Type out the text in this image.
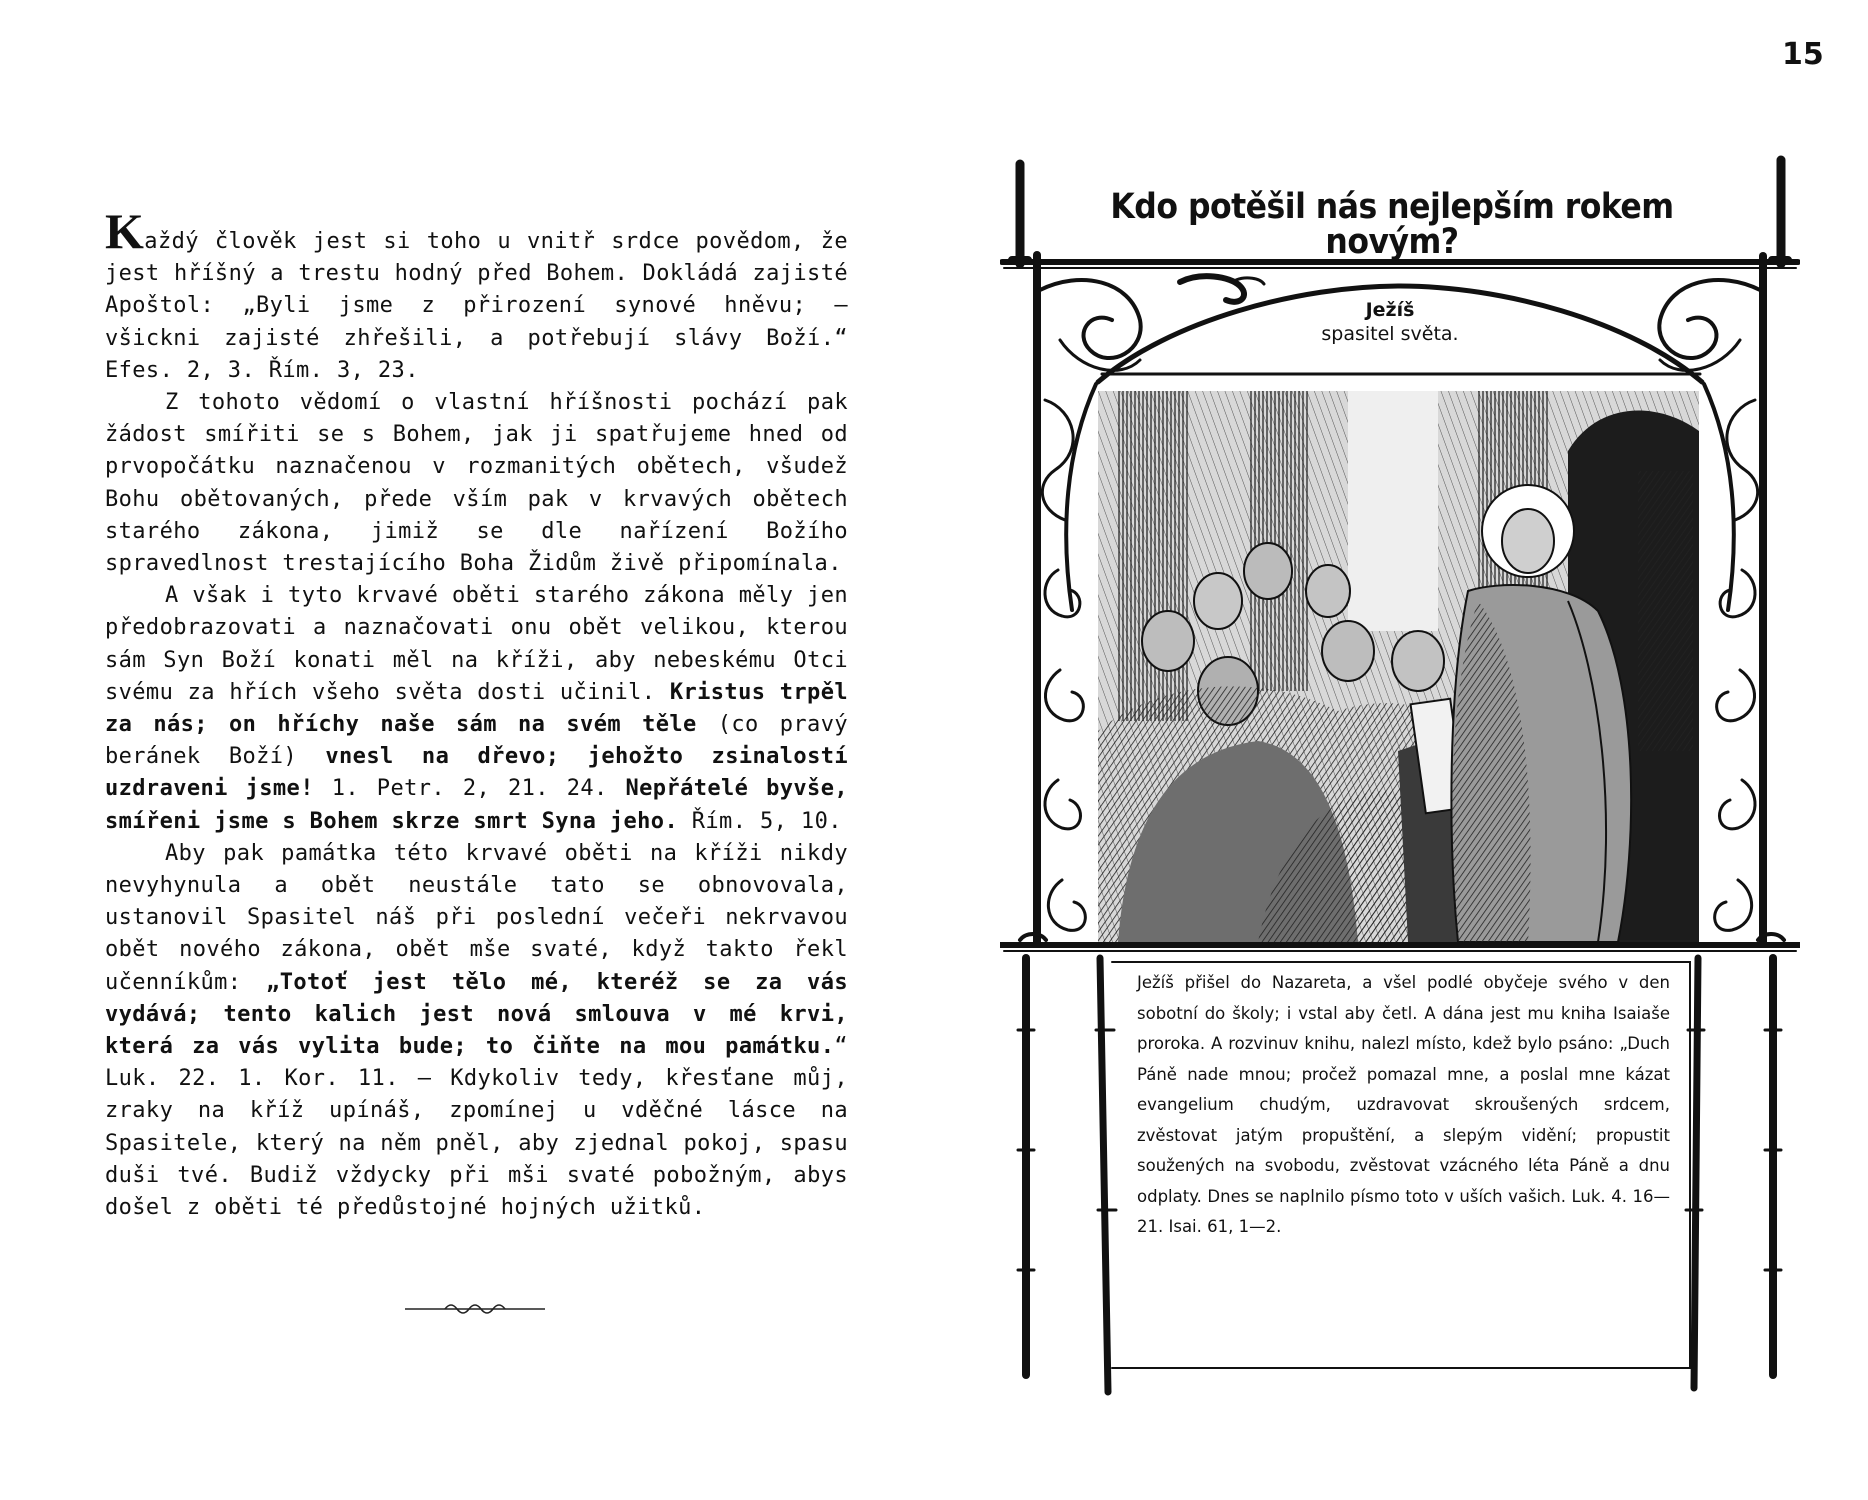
15

Každý člověk jest si toho u vnitř srdce povědom, že jest hříšný a trestu hodný před Bohem. Dokládá zajisté Apoštol: „Byli jsme z přirození synové hněvu; — všickni zajisté zhřešili, a potřebují slávy Boží.“ Efes. 2, 3. Řím. 3, 23.

Z tohoto vědomí o vlastní hříšnosti pochází pak žádost smířiti se s Bohem, jak ji spatřujeme hned od prvopočátku naznačenou v rozmanitých obětech, všudež Bohu obětovaných, přede vším pak v krvavých obětech starého zákona, jimiž se dle nařízení Božího spravedlnost trestajícího Boha Židům živě připomínala.

A však i tyto krvavé oběti starého zákona měly jen předobrazovati a naznačovati onu obět velikou, kterou sám Syn Boží konati měl na kříži, aby nebeskému Otci svému za hřích všeho světa dosti učinil. Kristus trpěl za nás; on hříchy naše sám na svém těle (co pravý beránek Boží) vnesl na dřevo; jehožto zsinalostí uzdraveni jsme! 1. Petr. 2, 21. 24. Nepřátelé byvše, smířeni jsme s Bohem skrze smrt Syna jeho. Řím. 5, 10.

Aby pak památka této krvavé oběti na kříži nikdy nevyhynula a obět neustále tato se obnovovala, ustanovil Spasitel náš při poslední večeři nekrvavou obět nového zákona, obět mše svaté, když takto řekl učenníkům: „Totoť jest tělo mé, kteréž se za vás vydává; tento kalich jest nová smlouva v mé krvi, která za vás vylita bude; to čiňte na mou památku.“ Luk. 22. 1. Kor. 11. — Kdykoliv tedy, křesťane můj, zraky na kříž upínáš, zpomínej u vděčné lásce na Spasitele, který na něm pněl, aby zjednal pokoj, spasu duši tvé. Budiž vždycky při mši svaté pobožným, abys došel z oběti té předůstojné hojných užitků.

Kdo potěšil nás nejlepším rokem novým?
Ježíš
spasitel světa.

Ježíš přišel do Nazareta, a všel podlé obyčeje svého v den sobotní do školy; i vstal aby četl. A dána jest mu kniha Isaiaše proroka. A rozvinuv knihu, nalezl místo, kdež bylo psáno: „Duch Páně nade mnou; pročež pomazal mne, a poslal mne kázat evangelium chudým, uzdravovat skroušených srdcem, zvěstovat jatým propuštění, a slepým vidění; propustit soužených na svobodu, zvěstovat vzácného léta Páně a dnu odplaty. Dnes se naplnilo písmo toto v uších vašich. Luk. 4. 16—21. Isai. 61, 1—2.
